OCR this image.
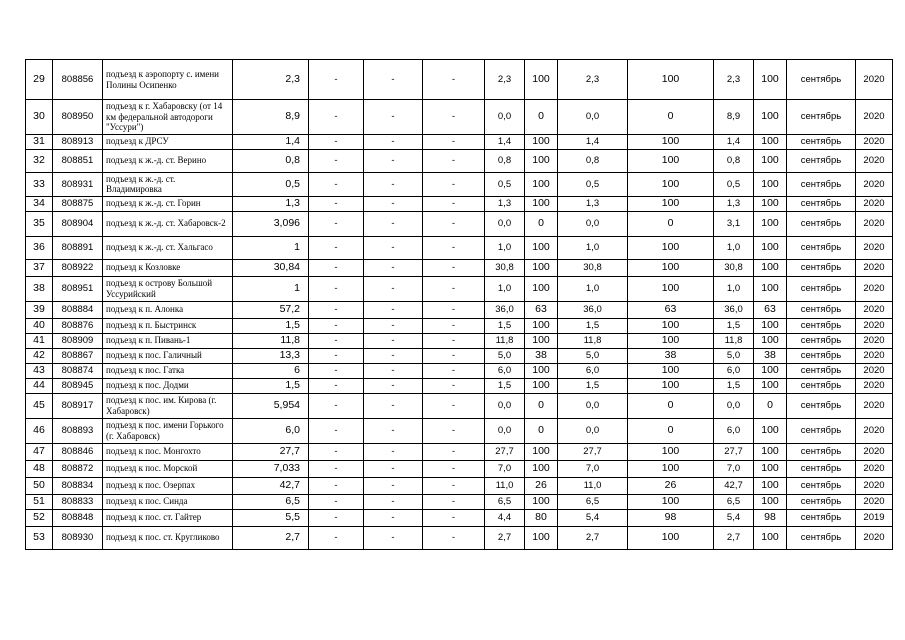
29	808856	подъезд к аэропорту с. имени Полины Осипенко	2,3	-	-	-	2,3	100	2,3	100	2,3	100	сентябрь	2020
30	808950	подъезд к г. Хабаровску (от 14 км федеральной автодороги "Уссури")	8,9	-	-	-	0,0	0	0,0	0	8,9	100	сентябрь	2020
31	808913	подъезд к ДРСУ	1,4	-	-	-	1,4	100	1,4	100	1,4	100	сентябрь	2020
32	808851	подъезд к ж.-д. ст. Верино	0,8	-	-	-	0,8	100	0,8	100	0,8	100	сентябрь	2020
33	808931	подъезд к ж.-д. ст. Владимировка	0,5	-	-	-	0,5	100	0,5	100	0,5	100	сентябрь	2020
34	808875	подъезд к ж.-д. ст. Горин	1,3	-	-	-	1,3	100	1,3	100	1,3	100	сентябрь	2020
35	808904	подъезд к ж.-д. ст. Хабаровск-2	3,096	-	-	-	0,0	0	0,0	0	3,1	100	сентябрь	2020
36	808891	подъезд к ж.-д. ст. Хальгасо	1	-	-	-	1,0	100	1,0	100	1,0	100	сентябрь	2020
37	808922	подъезд к Козловке	30,84	-	-	-	30,8	100	30,8	100	30,8	100	сентябрь	2020
38	808951	подъезд к острову Большой Уссурийский	1	-	-	-	1,0	100	1,0	100	1,0	100	сентябрь	2020
39	808884	подъезд к п. Алонка	57,2	-	-	-	36,0	63	36,0	63	36,0	63	сентябрь	2020
40	808876	подъезд к п. Быстринск	1,5	-	-	-	1,5	100	1,5	100	1,5	100	сентябрь	2020
41	808909	подъезд к п. Пивань-1	11,8	-	-	-	11,8	100	11,8	100	11,8	100	сентябрь	2020
42	808867	подъезд к пос. Галичный	13,3	-	-	-	5,0	38	5,0	38	5,0	38	сентябрь	2020
43	808874	подъезд к пос. Гатка	6	-	-	-	6,0	100	6,0	100	6,0	100	сентябрь	2020
44	808945	подъезд к пос. Додми	1,5	-	-	-	1,5	100	1,5	100	1,5	100	сентябрь	2020
45	808917	подъезд к пос. им. Кирова (г. Хабаровск)	5,954	-	-	-	0,0	0	0,0	0	0,0	0	сентябрь	2020
46	808893	подъезд к пос. имени Горького (г. Хабаровск)	6,0	-	-	-	0,0	0	0,0	0	6,0	100	сентябрь	2020
47	808846	подъезд к пос. Монгохто	27,7	-	-	-	27,7	100	27,7	100	27,7	100	сентябрь	2020
48	808872	подъезд к пос. Морской	7,033	-	-	-	7,0	100	7,0	100	7,0	100	сентябрь	2020
50	808834	подъезд к пос. Озерпах	42,7	-	-	-	11,0	26	11,0	26	42,7	100	сентябрь	2020
51	808833	подъезд к пос. Синда	6,5	-	-	-	6,5	100	6,5	100	6,5	100	сентябрь	2020
52	808848	подъезд к пос. ст. Гайтер	5,5	-	-	-	4,4	80	5,4	98	5,4	98	сентябрь	2019
53	808930	подъезд к пос. ст. Кругликово	2,7	-	-	-	2,7	100	2,7	100	2,7	100	сентябрь	2020
